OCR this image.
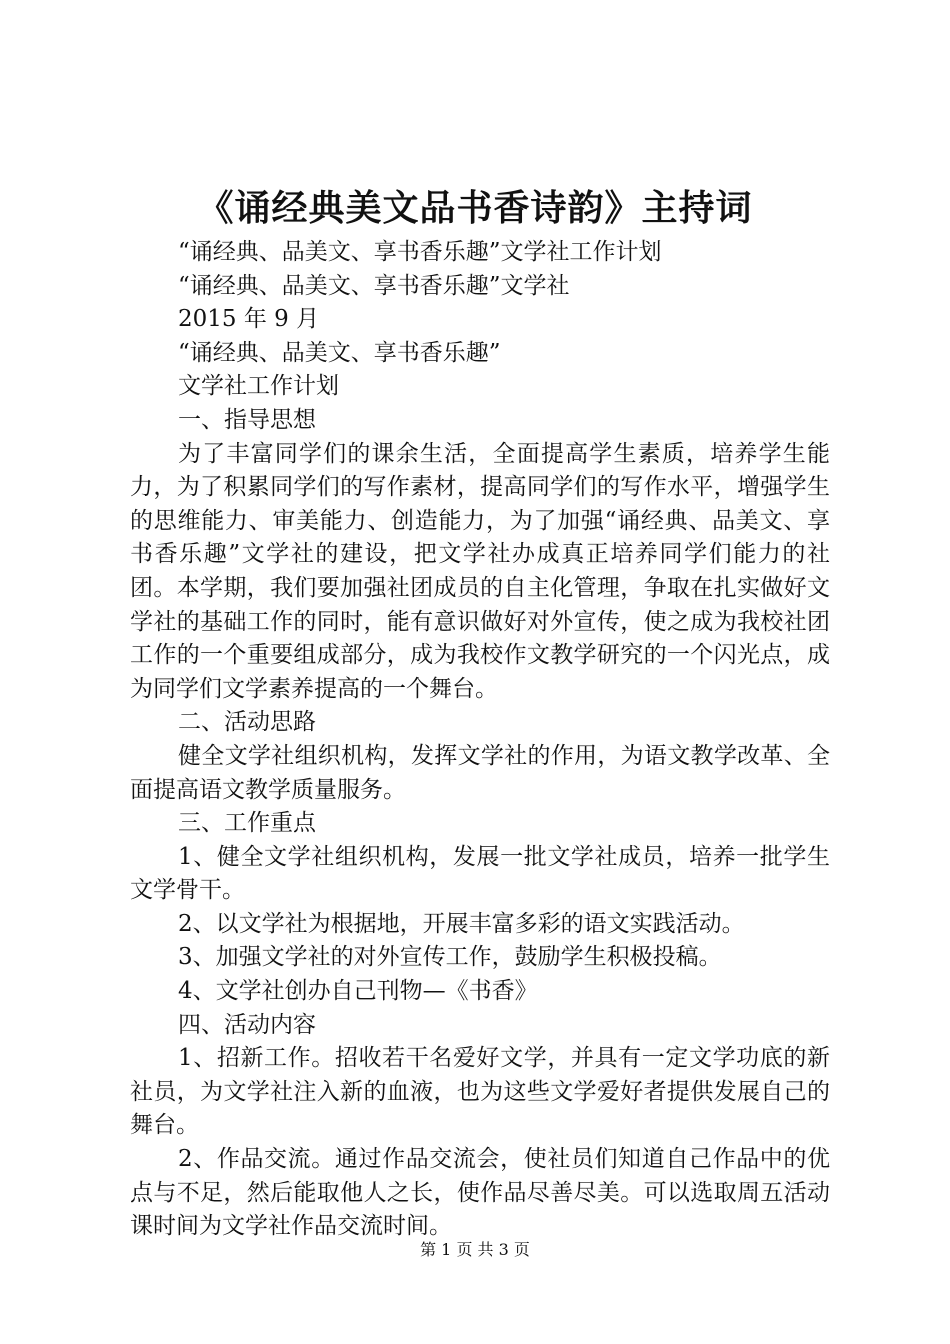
《诵经典美文品书香诗韵》主持词
“诵经典、品美文、享书香乐趣”文学社工作计划
“诵经典、品美文、享书香乐趣”文学社
2015 年 9 月
“诵经典、品美文、享书香乐趣”
文学社工作计划
一、指导思想
为了丰富同学们的课余生活，全面提高学生素质，培养学生能力，为了积累同学们的写作素材，提高同学们的写作水平，增强学生的思维能力、审美能力、创造能力，为了加强“诵经典、品美文、享书香乐趣”文学社的建设，把文学社办成真正培养同学们能力的社团。本学期，我们要加强社团成员的自主化管理，争取在扎实做好文学社的基础工作的同时，能有意识做好对外宣传，使之成为我校社团工作的一个重要组成部分，成为我校作文教学研究的一个闪光点，成为同学们文学素养提高的一个舞台。
二、活动思路
健全文学社组织机构，发挥文学社的作用，为语文教学改革、全面提高语文教学质量服务。
三、工作重点
1、健全文学社组织机构，发展一批文学社成员，培养一批学生文学骨干。
2、以文学社为根据地，开展丰富多彩的语文实践活动。
3、加强文学社的对外宣传工作，鼓励学生积极投稿。
4、文学社创办自己刊物—《书香》
四、活动内容
1、招新工作。招收若干名爱好文学，并具有一定文学功底的新社员，为文学社注入新的血液，也为这些文学爱好者提供发展自己的舞台。
2、作品交流。通过作品交流会，使社员们知道自己作品中的优点与不足，然后能取他人之长，使作品尽善尽美。可以选取周五活动课时间为文学社作品交流时间。
第 1 页 共 3 页
